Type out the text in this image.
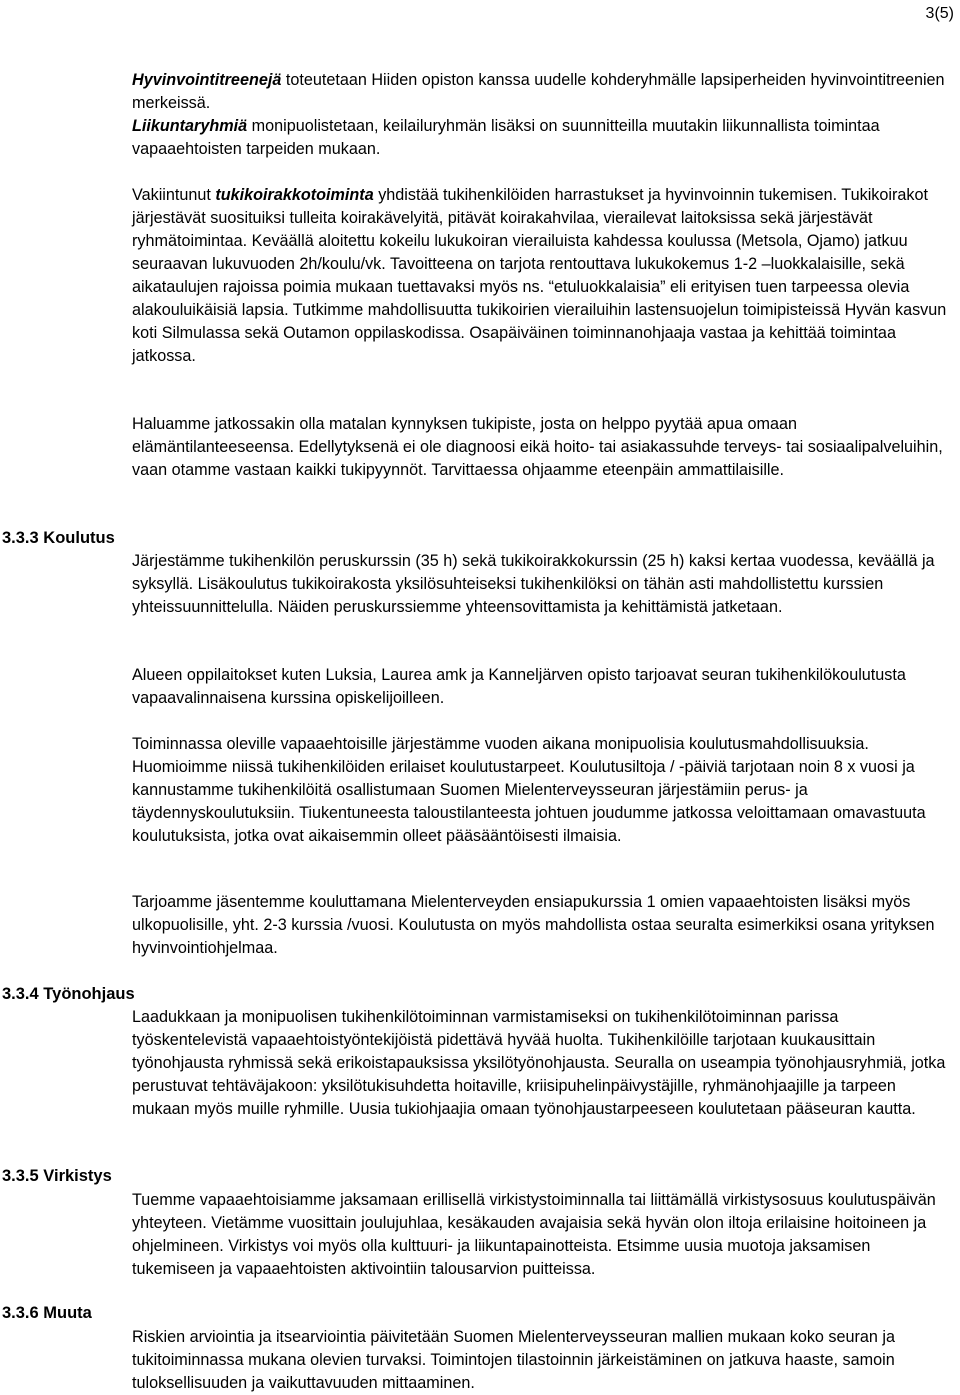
3(5)

Hyvinvointitreenejä toteutetaan Hiiden opiston kanssa uudelle kohderyhmälle lapsiperheiden hyvinvointitreenien merkeissä.
Liikuntaryhmiä monipuolistetaan, keilailuryhmän lisäksi on suunnitteilla muutakin liikunnallista toimintaa vapaaehtoisten tarpeiden mukaan.

Vakiintunut tukikoirakkotoiminta yhdistää tukihenkilöiden harrastukset ja hyvinvoinnin tukemisen. Tukikoirakot järjestävät suosituiksi tulleita koirakävelyitä, pitävät koirakahvilaa, vierailevat laitoksissa sekä järjestävät ryhmätoimintaa. Keväällä aloitettu kokeilu lukukoiran vierailuista kahdessa koulussa (Metsola, Ojamo) jatkuu seuraavan lukuvuoden 2h/koulu/vk. Tavoitteena on tarjota rentouttava lukukokemus 1-2 –luokkalaisille, sekä aikataulujen rajoissa poimia mukaan tuettavaksi myös ns. “etuluokkalaisia” eli erityisen tuen tarpeessa olevia alakouluikäisiä lapsia. Tutkimme mahdollisuutta tukikoirien vierailuihin lastensuojelun toimipisteissä Hyvän kasvun koti Silmulassa sekä Outamon oppilaskodissa. Osapäiväinen toiminnanohjaaja vastaa ja kehittää toimintaa jatkossa.

Haluamme jatkossakin olla matalan kynnyksen tukipiste, josta on helppo pyytää apua omaan elämäntilanteeseensa. Edellytyksenä ei ole diagnoosi eikä hoito- tai asiakassuhde terveys- tai sosiaalipalveluihin, vaan otamme vastaan kaikki tukipyynnöt. Tarvittaessa ohjaamme eteenpäin ammattilaisille.

3.3.3 Koulutus

Järjestämme tukihenkilön peruskurssin (35 h) sekä tukikoirakkokurssin (25 h) kaksi kertaa vuodessa, keväällä ja syksyllä. Lisäkoulutus tukikoirakosta yksilösuhteiseksi tukihenkilöksi on tähän asti mahdollistettu kurssien yhteissuunnittelulla. Näiden peruskurssiemme yhteensovittamista ja kehittämistä jatketaan.

Alueen oppilaitokset kuten Luksia, Laurea amk ja Kanneljärven opisto tarjoavat seuran tukihenkilökoulutusta vapaavalinnaisena kurssina opiskelijoilleen.

Toiminnassa oleville vapaaehtoisille järjestämme vuoden aikana monipuolisia koulutusmahdollisuuksia. Huomioimme niissä tukihenkilöiden erilaiset koulutustarpeet. Koulutusiltoja / -päiviä tarjotaan noin 8 x vuosi ja kannustamme tukihenkilöitä osallistumaan Suomen Mielenterveysseuran järjestämiin perus- ja täydennyskoulutuksiin. Tiukentuneesta taloustilanteesta johtuen joudumme jatkossa veloittamaan omavastuuta koulutuksista, jotka ovat aikaisemmin olleet pääsääntöisesti ilmaisia.

Tarjoamme jäsentemme kouluttamana Mielenterveyden ensiapukurssia 1 omien vapaaehtoisten lisäksi myös ulkopuolisille, yht. 2-3 kurssia /vuosi. Koulutusta on myös mahdollista ostaa seuralta esimerkiksi osana yrityksen hyvinvointiohjelmaa.

3.3.4 Työnohjaus

Laadukkaan ja monipuolisen tukihenkilötoiminnan varmistamiseksi on tukihenkilötoiminnan parissa työskentelevistä vapaaehtoistyöntekijöistä pidettävä hyvää huolta. Tukihenkilöille tarjotaan kuukausittain työnohjausta ryhmissä sekä erikoistapauksissa yksilötyönohjausta. Seuralla on useampia työnohjausryhmiä, jotka perustuvat tehtäväjakoon: yksilötukisuhdetta hoitaville, kriisipuhelinpäivystäjille, ryhmänohjaajille ja tarpeen mukaan myös muille ryhmille. Uusia tukiohjaajia omaan työnohjaustarpeeseen koulutetaan pääseuran kautta.

3.3.5 Virkistys

Tuemme vapaaehtoisiamme jaksamaan erillisellä virkistystoiminnalla tai liittämällä virkistysosuus koulutuspäivän yhteyteen. Vietämme vuosittain joulujuhlaa, kesäkauden avajaisia sekä hyvän olon iltoja erilaisine hoitoineen ja ohjelmineen. Virkistys voi myös olla kulttuuri- ja liikuntapainotteista. Etsimme uusia muotoja jaksamisen tukemiseen ja vapaaehtoisten aktivointiin talousarvion puitteissa.

3.3.6 Muuta

Riskien arviointia ja itsearviointia päivitetään Suomen Mielenterveysseuran mallien mukaan koko seuran ja tukitoiminnassa mukana olevien turvaksi. Toimintojen tilastoinnin järkeistäminen on jatkuva haaste, samoin tuloksellisuuden ja vaikuttavuuden mittaaminen.
